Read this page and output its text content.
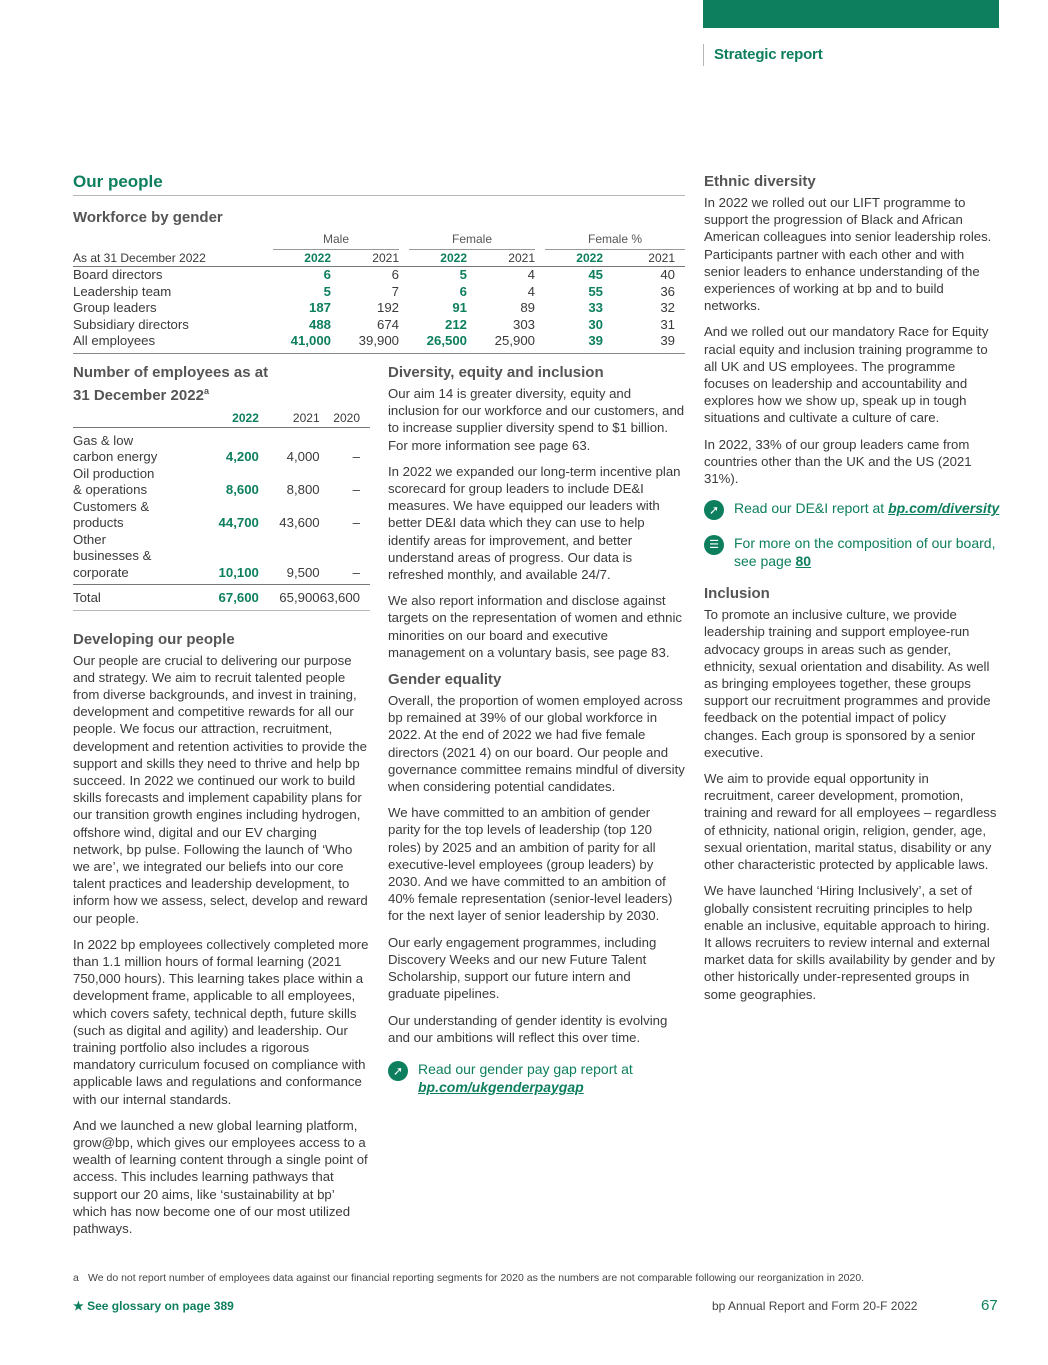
Strategic report
Our people
Workforce by gender

	Male		Female		Female %	

As at 31 December 2022	2022	2021	2022	2021	2022	2021
Board directors	6	6	5	4	45	40
Leadership team	5	7	6	4	55	36
Group leaders	187	192	91	89	33	32
Subsidiary directors	488	674	212	303	30	31
All employees	41,000	39,900	26,500	25,900	39	39
Number of employees as at
31 December 2022$^a$
	2022		2021	2020
Gas & low
carbon energy		4,200	4,000	–
Oil production
& operations		8,600	8,800	–
Customers &
products		44,700	43,600	–
Other
businesses &
corporate		10,100	9,500	–
Total		67,600	65,900	63,600
Developing our people

Our people are crucial to delivering our purpose and strategy. We aim to recruit talented people from diverse backgrounds, and invest in training, development and competitive rewards for all our people. We focus our attraction, recruitment, development and retention activities to provide the support and skills they need to thrive and help bp succeed. In 2022 we continued our work to build skills forecasts and implement capability plans for our transition growth engines including hydrogen, offshore wind, digital and our EV charging network, bp pulse. Following the launch of ‘Who we are’, we integrated our beliefs into our core talent practices and leadership development, to inform how we assess, select, develop and reward our people.

In 2022 bp employees collectively completed more than 1.1 million hours of formal learning (2021 750,000 hours). This learning takes place within a development frame, applicable to all employees, which covers safety, technical depth, future skills (such as digital and agility) and leadership. Our training portfolio also includes a rigorous mandatory curriculum focused on compliance with applicable laws and regulations and conformance with our internal standards.

And we launched a new global learning platform, grow@bp, which gives our employees access to a wealth of learning content through a single point of access. This includes learning pathways that support our 20 aims, like ‘sustainability at bp’ which has now become one of our most utilized pathways.

Diversity, equity and inclusion

Our aim 14 is greater diversity, equity and inclusion for our workforce and our customers, and to increase supplier diversity spend to $1 billion. For more information see page 63.

In 2022 we expanded our long-term incentive plan scorecard for group leaders to include DE&I measures. We have equipped our leaders with better DE&I data which they can use to help identify areas for improvement, and better understand areas of progress. Our data is refreshed monthly, and available 24/7.

We also report information and disclose against targets on the representation of women and ethnic minorities on our board and executive management on a voluntary basis, see page 83.

Gender equality

Overall, the proportion of women employed across bp remained at 39% of our global workforce in 2022. At the end of 2022 we had five female directors (2021 4) on our board. Our people and governance committee remains mindful of diversity when considering potential candidates.

We have committed to an ambition of gender parity for the top levels of leadership (top 120 roles) by 2025 and an ambition of parity for all executive-level employees (group leaders) by 2030. And we have committed to an ambition of 40% female representation (senior-level leaders) for the next layer of senior leadership by 2030.

Our early engagement programmes, including Discovery Weeks and our new Future Talent Scholarship, support our future intern and graduate pipelines.

Our understanding of gender identity is evolving and our ambitions will reflect this over time.

➚	Read our gender pay gap report at
bp.com/ukgenderpaygap
Ethnic diversity

In 2022 we rolled out our LIFT programme to support the progression of Black and African American colleagues into senior leadership roles. Participants partner with each other and with senior leaders to enhance understanding of the experiences of working at bp and to build networks.

And we rolled out our mandatory Race for Equity racial equity and inclusion training programme to all UK and US employees. The programme focuses on leadership and accountability and explores how we show up, speak up in tough situations and cultivate a culture of care.

In 2022, 33% of our group leaders came from countries other than the UK and the US (2021 31%).

➚	Read our DE&I report at bp.com/diversity
☰	For more on the composition of our board, see page 80
Inclusion

To promote an inclusive culture, we provide leadership training and support employee-run advocacy groups in areas such as gender, ethnicity, sexual orientation and disability. As well as bringing employees together, these groups support our recruitment programmes and provide feedback on the potential impact of policy changes. Each group is sponsored by a senior executive.

We aim to provide equal opportunity in recruitment, career development, promotion, training and reward for all employees – regardless of ethnicity, national origin, religion, gender, age, sexual orientation, marital status, disability or any other characteristic protected by applicable laws.

We have launched ‘Hiring Inclusively’, a set of globally consistent recruiting principles to help enable an inclusive, equitable approach to hiring. It allows recruiters to review internal and external market data for skills availability by gender and by other historically under-represented groups in some geographies.

a We do not report number of employees data against our financial reporting segments for 2020 as the numbers are not comparable following our reorganization in 2020.
★ See glossary on page 389	bp Annual Report and Form 20-F 2022	67
